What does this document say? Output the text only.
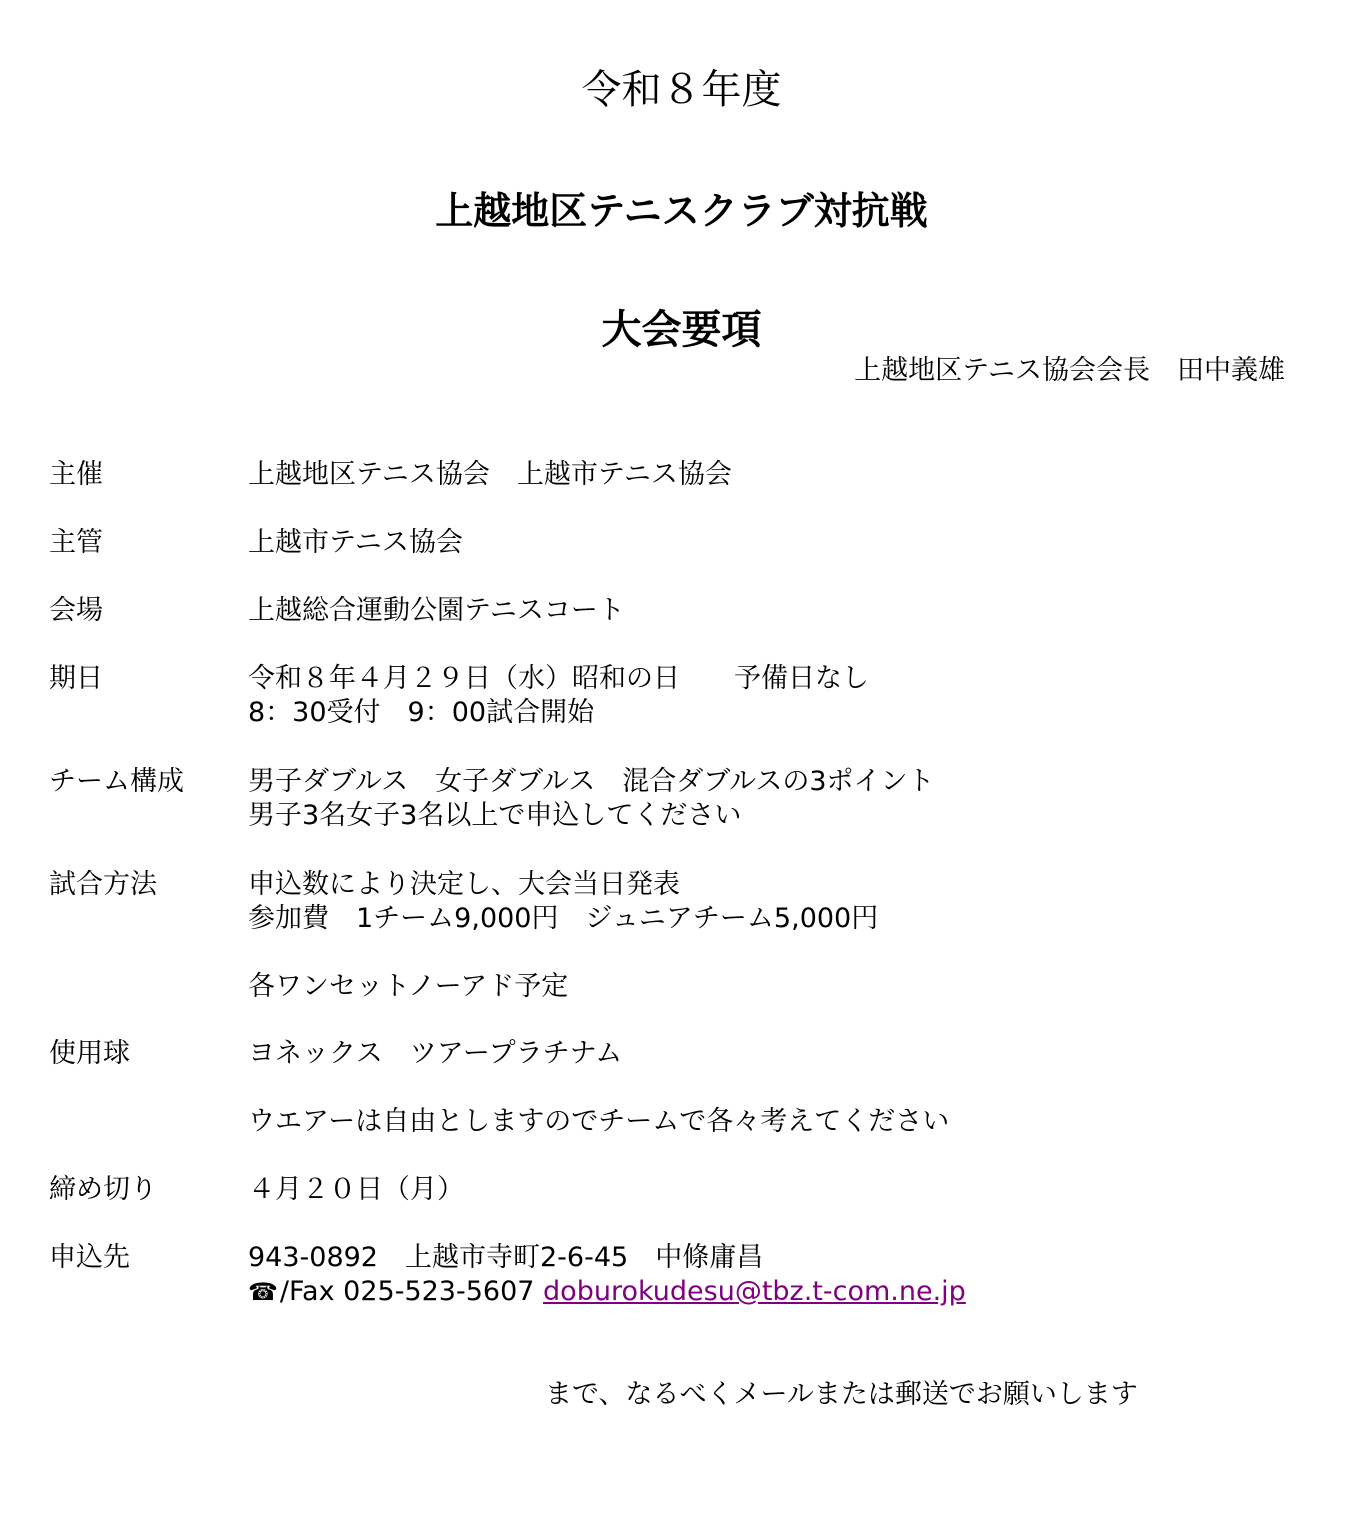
令和８年度
上越地区テニスクラブ対抗戦
大会要項
上越地区テニス協会会長　田中義雄
主催	上越地区テニス協会　上越市テニス協会
主管	上越市テニス協会
会場	上越総合運動公園テニスコート
期日	令和８年４月２９日（水）昭和の日　　予備日なし
8：30受付　9：00試合開始
チーム構成 男子ダブルス　女子ダブルス　混合ダブルスの3ポイント
男子3名女子3名以上で申込してください
試合方法	申込数により決定し、大会当日発表
参加費　1チーム9,000円　ジュニアチーム5,000円
各ワンセットノーアド予定
使用球	ヨネックス　ツアープラチナム
ウエアーは自由としますのでチームで各々考えてください
締め切り	４月２０日（月）
申込先	943-0892　上越市寺町2-6-45　中條庸昌
☎/Fax 025-523-5607 doburokudesu@tbz.t-com.ne.jp
まで、なるべくメールまたは郵送でお願いします
